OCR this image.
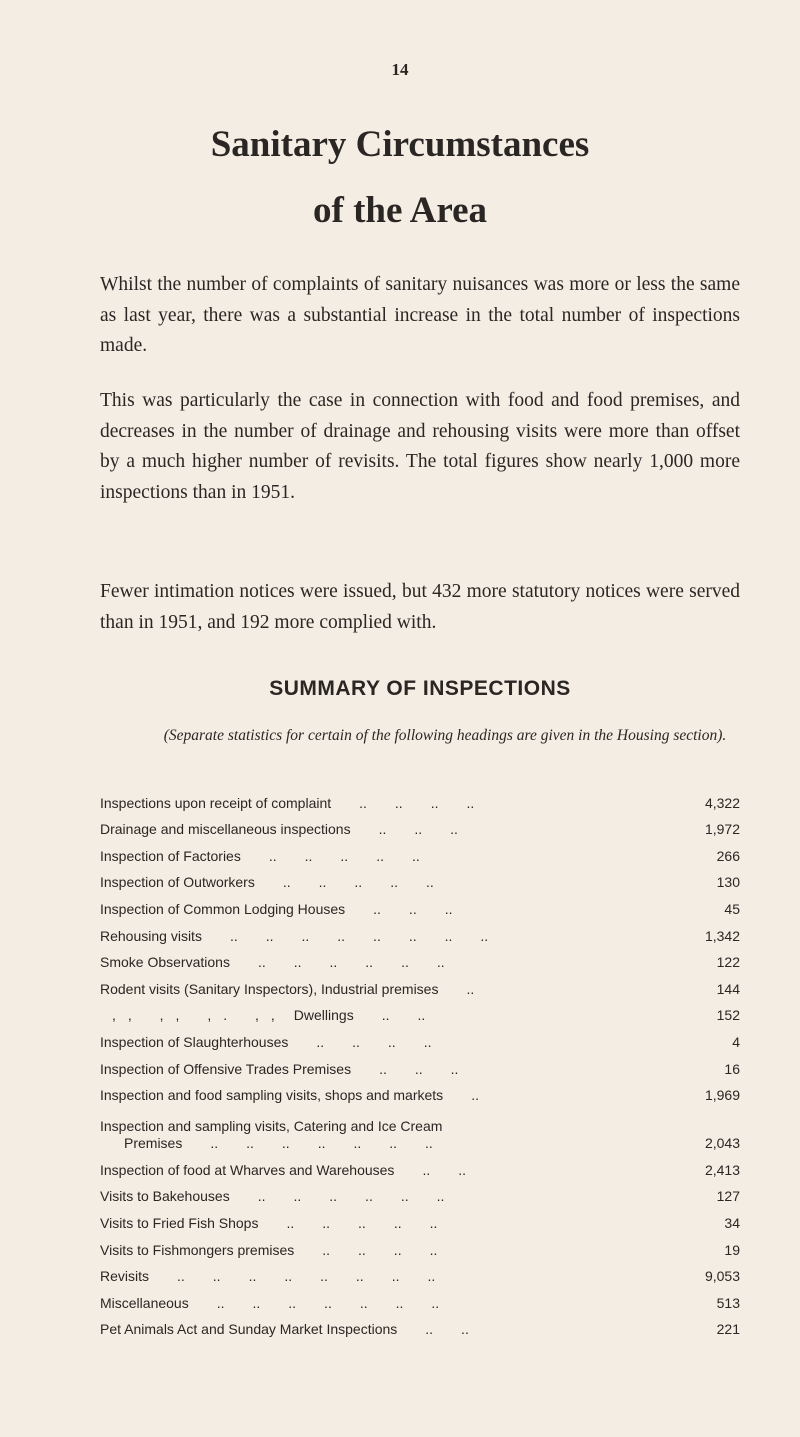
14
Sanitary Circumstances
of the Area

Whilst the number of complaints of sanitary nuisances was more or less the same as last year, there was a substantial increase in the total number of inspections made.

This was particularly the case in connection with food and food premises, and decreases in the number of drainage and rehousing visits were more than offset by a much higher number of revisits. The total figures show nearly 1,000 more inspections than in 1951.

Fewer intimation notices were issued, but 432 more statutory notices were served than in 1951, and 192 more complied with.

SUMMARY OF INSPECTIONS

(Separate statistics for certain of the following headings are given in the Housing section).

Inspections upon receipt of complaint   ..  ..  ..  ..	4,322
Drainage and miscellaneous inspections   ..  ..  ..	1,972
Inspection of Factories   ..  ..  ..  ..  ..	266
Inspection of Outworkers   ..  ..  ..  ..  ..	130
Inspection of Common Lodging Houses   ..  ..  ..	45
Rehousing visits   ..  ..  ..  ..  ..  ..  ..  ..	1,342
Smoke Observations   ..  ..  ..  ..  ..  ..	122
Rodent visits (Sanitary Inspectors), Industrial premises   ..	144
,, ,, ,. ,,  Dwellings   ..  ..	152
Inspection of Slaughterhouses   ..  ..  ..  ..	4
Inspection of Offensive Trades Premises   ..  ..  ..	16
Inspection and food sampling visits, shops and markets   ..	1,969
Inspection and sampling visits, Catering and Ice Cream
Premises   ..  ..  ..  ..  ..  ..  ..	2,043
Inspection of food at Wharves and Warehouses   ..  ..	2,413
Visits to Bakehouses   ..  ..  ..  ..  ..  ..	127
Visits to Fried Fish Shops   ..  ..  ..  ..  ..	34
Visits to Fishmongers premises   ..  ..  ..  ..	19
Revisits   ..  ..  ..  ..  ..  ..  ..  ..	9,053
Miscellaneous   ..  ..  ..  ..  ..  ..  ..	513
Pet Animals Act and Sunday Market Inspections   ..  ..	221
